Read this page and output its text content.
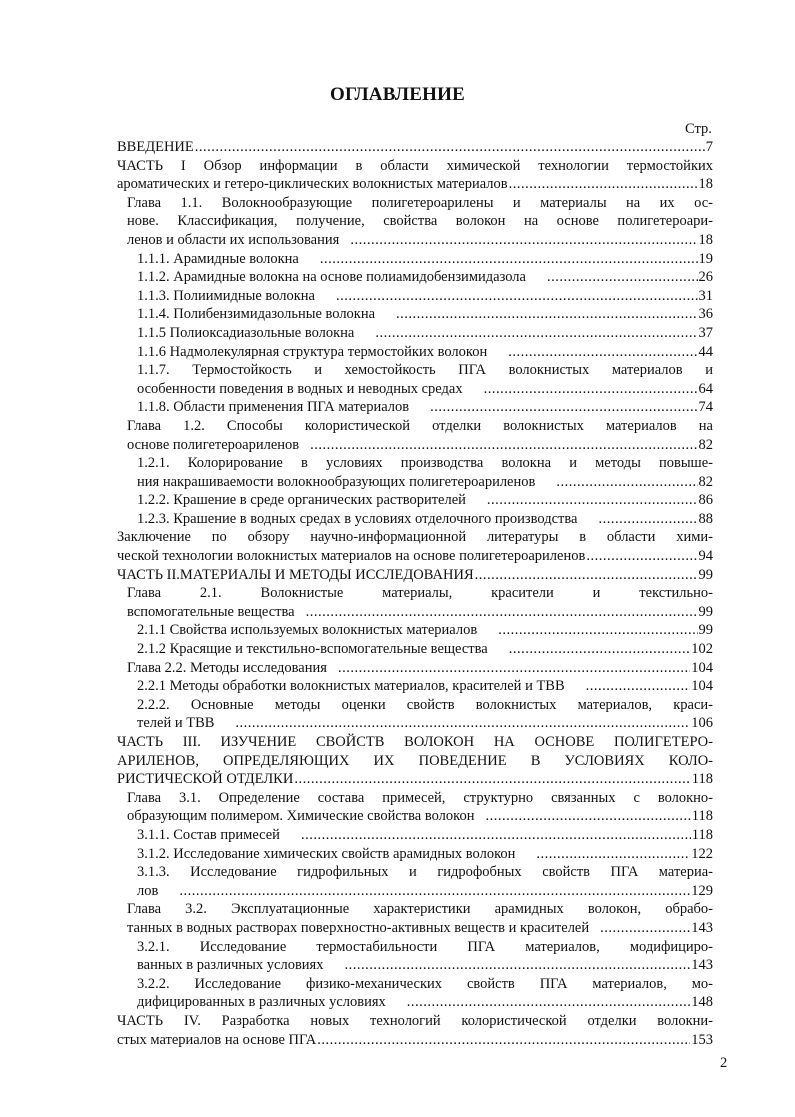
ОГЛАВЛЕНИЕ
Стр.
ВВЕДЕНИЕ .....	7
ЧАСТЬ I Обзор информации в области химической технологии термостойких
ароматических и гетеро-циклических волокнистых материалов .....	18
Глава 1.1. Волокнообразующие полигетероарилены и материалы на их ос-
нове. Классификация, получение, свойства волокон на основе полигетероари-
ленов и области их использования .....	18
1.1.1. Арамидные волокна .....	19
1.1.2. Арамидные волокна на основе полиамидобензимидазола .....	26
1.1.3. Полиимидные волокна .....	31
1.1.4. Полибензимидазольные волокна .....	36
1.1.5 Полиоксадиазольные волокна .....	37
1.1.6 Надмолекулярная структура термостойких волокон .....	44
1.1.7. Термостойкость и хемостойкость ПГА волокнистых материалов и
особенности поведения в водных и неводных средах .....	64
1.1.8. Области применения ПГА материалов .....	74
Глава 1.2. Способы колористической отделки волокнистых материалов на
основе полигетероариленов .....	82
1.2.1. Колорирование в условиях производства волокна и методы повыше-
ния накрашиваемости волокнообразующих полигетероариленов .....	82
1.2.2. Крашение в среде органических растворителей .....	86
1.2.3. Крашение в водных средах в условиях отделочного производства .....	88
Заключение по обзору научно-информационной литературы в области хими-
ческой технологии волокнистых материалов на основе полигетероариленов .....	94
ЧАСТЬ II.МАТЕРИАЛЫ И МЕТОДЫ ИССЛЕДОВАНИЯ .....	99
Глава 2.1. Волокнистые материалы, красители и текстильно-
вспомогательные вещества .....	99
2.1.1 Свойства используемых волокнистых материалов .....	99
2.1.2 Красящие и текстильно-вспомогательные вещества .....	102
Глава 2.2. Методы исследования .....	104
2.2.1 Методы обработки волокнистых материалов, красителей и ТВВ .....	104
2.2.2. Основные методы оценки свойств волокнистых материалов, краси-
телей и ТВВ .....	106
ЧАСТЬ III. ИЗУЧЕНИЕ СВОЙСТВ ВОЛОКОН НА ОСНОВЕ ПОЛИГЕТЕРО-
АРИЛЕНОВ, ОПРЕДЕЛЯЮЩИХ ИХ ПОВЕДЕНИЕ В УСЛОВИЯХ КОЛО-
РИСТИЧЕСКОЙ ОТДЕЛКИ .....	118
Глава 3.1. Определение состава примесей, структурно связанных с волокно-
образующим полимером. Химические свойства волокон .....	118
3.1.1. Состав примесей .....	118
3.1.2. Исследование химических свойств арамидных волокон .....	122
3.1.3. Исследование гидрофильных и гидрофобных свойств ПГА материа-
лов .....	129
Глава 3.2. Эксплуатационные характеристики арамидных волокон, обрабо-
танных в водных растворах поверхностно-активных веществ и красителей .....	143
3.2.1. Исследование термостабильности ПГА материалов, модифициро-
ванных в различных условиях .....	143
3.2.2. Исследование физико-механических свойств ПГА материалов, мо-
дифицированных в различных условиях .....	148
ЧАСТЬ IV. Разработка новых технологий колористической отделки волокни-
стых материалов на основе ПГА .....	153
2
